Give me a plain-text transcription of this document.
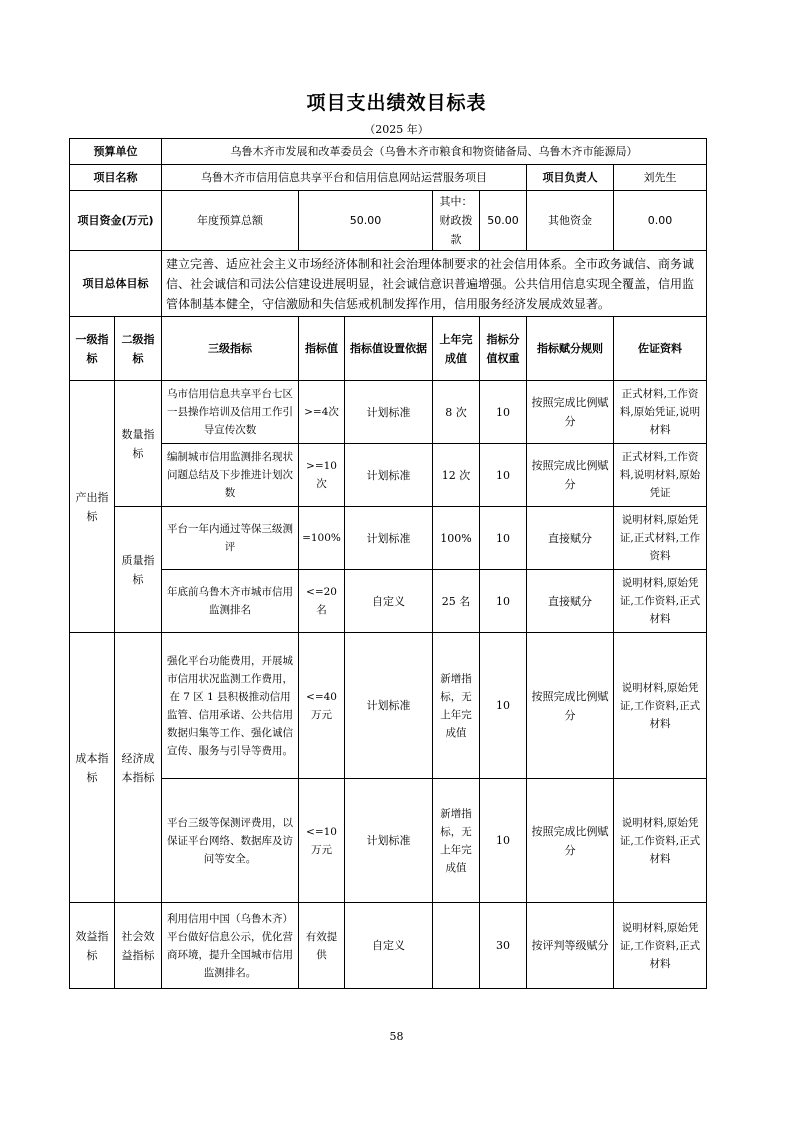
项目支出绩效目标表
（2025 年）
预算单位		乌鲁木齐市发展和改革委员会（乌鲁木齐市粮食和物资储备局、乌鲁木齐市能源局）						
项目名称		乌鲁木齐市信用信息共享平台和信用信息网站运营服务项目					项目负责人	刘先生
项目资金(万元)		年度预算总额	50.00		其中：财政拨款	50.00	其他资金	0.00
项目总体目标		建立完善、适应社会主义市场经济体制和社会治理体制要求的社会信用体系。全市政务诚信、商务诚信、社会诚信和司法公信建设进展明显，社会诚信意识普遍增强。公共信用信息实现全覆盖，信用监管体制基本健全，守信激励和失信惩戒机制发挥作用，信用服务经济发展成效显著。						
一级指标	二级指标	三级指标	指标值	指标值设置依据	上年完成值	指标分值权重	指标赋分规则	佐证资料
产出指标	数量指标	乌市信用信息共享平台七区一县操作培训及信用工作引导宣传次数	>=4次	计划标准	8 次	10	按照完成比例赋分	正式材料,工作资料,原始凭证,说明材料
		编制城市信用监测排名现状问题总结及下步推进计划次数	>=10次	计划标准	12 次	10	按照完成比例赋分	正式材料,工作资料,说明材料,原始凭证
	质量指标	平台一年内通过等保三级测评	=100%	计划标准	100%	10	直接赋分	说明材料,原始凭证,正式材料,工作资料
		年底前乌鲁木齐市城市信用监测排名	<=20名	自定义	25 名	10	直接赋分	说明材料,原始凭证,工作资料,正式材料
成本指标	经济成本指标	强化平台功能费用，开展城市信用状况监测工作费用，在 7 区 1 县积极推动信用监管、信用承诺、公共信用数据归集等工作、强化诚信宣传、服务与引导等费用。	<=40万元	计划标准	新增指标，无上年完成值	10	按照完成比例赋分	说明材料,原始凭证,工作资料,正式材料
		平台三级等保测评费用，以保证平台网络、数据库及访问等安全。	<=10万元	计划标准	新增指标，无上年完成值	10	按照完成比例赋分	说明材料,原始凭证,工作资料,正式材料
效益指标	社会效益指标	利用信用中国（乌鲁木齐）平台做好信息公示，优化营商环境，提升全国城市信用监测排名。	有效提供	自定义		30	按评判等级赋分	说明材料,原始凭证,工作资料,正式材料
58
